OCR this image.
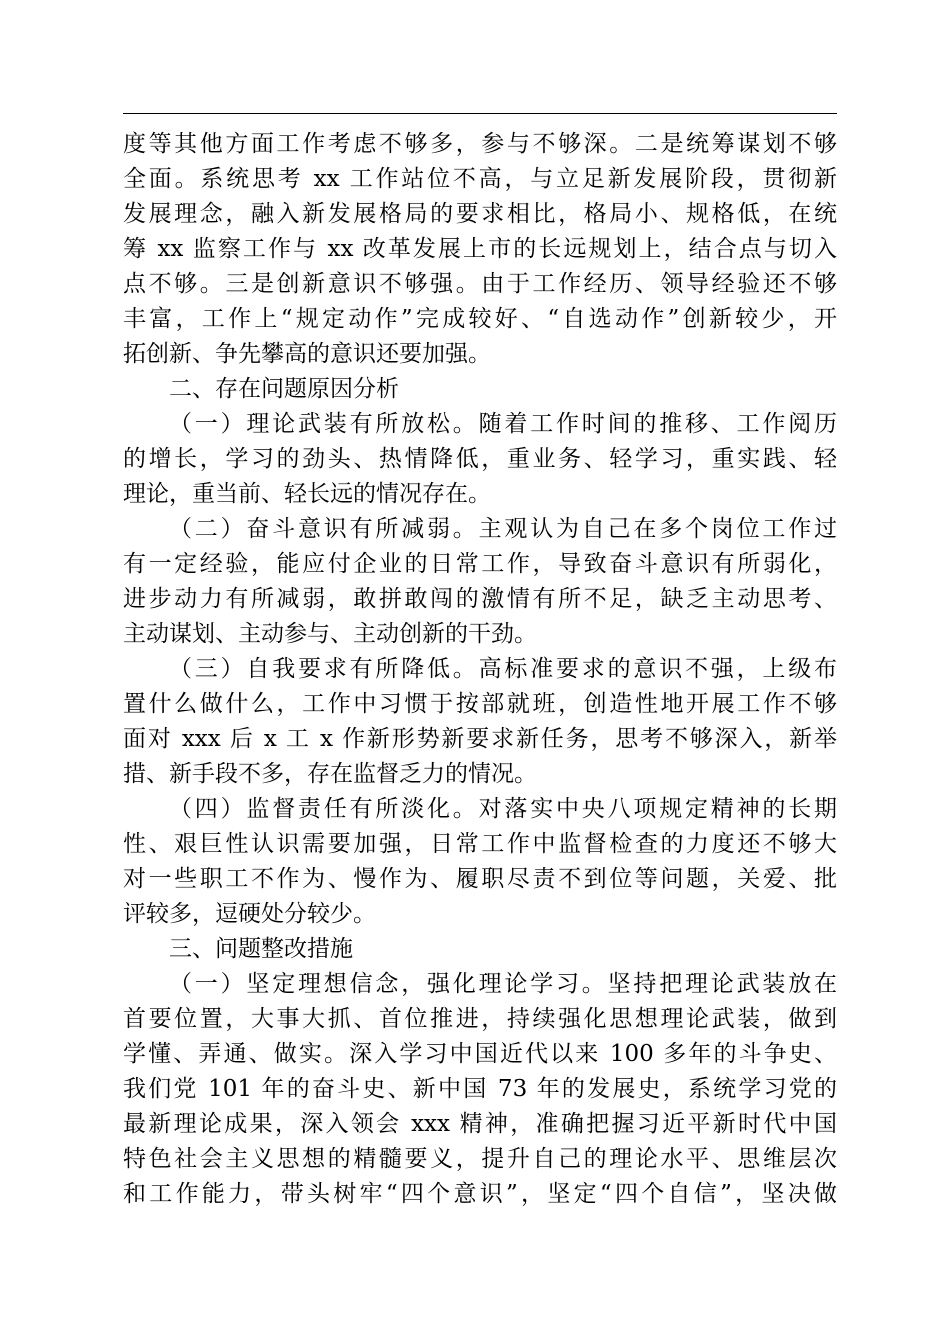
度等其他方面工作考虑不够多，参与不够深。二是统筹谋划不够
全面。系统思考 xx 工作站位不高，与立足新发展阶段，贯彻新
发展理念，融入新发展格局的要求相比，格局小、规格低，在统
筹 xx 监察工作与 xx 改革发展上市的长远规划上，结合点与切入
点不够。三是创新意识不够强。由于工作经历、领导经验还不够
丰富，工作上“规定动作”完成较好、“自选动作”创新较少，开
拓创新、争先攀高的意识还要加强。
二、存在问题原因分析
（一）理论武装有所放松。随着工作时间的推移、工作阅历
的增长，学习的劲头、热情降低，重业务、轻学习，重实践、轻
理论，重当前、轻长远的情况存在。
（二）奋斗意识有所减弱。主观认为自己在多个岗位工作过
有一定经验，能应付企业的日常工作，导致奋斗意识有所弱化，
进步动力有所减弱，敢拼敢闯的激情有所不足，缺乏主动思考、
主动谋划、主动参与、主动创新的干劲。
（三）自我要求有所降低。高标准要求的意识不强，上级布
置什么做什么，工作中习惯于按部就班，创造性地开展工作不够
面对 xxx 后 x 工 x 作新形势新要求新任务，思考不够深入，新举
措、新手段不多，存在监督乏力的情况。
（四）监督责任有所淡化。对落实中央八项规定精神的长期
性、艰巨性认识需要加强，日常工作中监督检查的力度还不够大
对一些职工不作为、慢作为、履职尽责不到位等问题，关爱、批
评较多，逗硬处分较少。
三、问题整改措施
（一）坚定理想信念，强化理论学习。坚持把理论武装放在
首要位置，大事大抓、首位推进，持续强化思想理论武装，做到
学懂、弄通、做实。深入学习中国近代以来 100 多年的斗争史、
我们党 101 年的奋斗史、新中国 73 年的发展史，系统学习党的
最新理论成果，深入领会 xxx 精神，准确把握习近平新时代中国
特色社会主义思想的精髓要义，提升自己的理论水平、思维层次
和工作能力，带头树牢“四个意识”，坚定“四个自信”，坚决做
